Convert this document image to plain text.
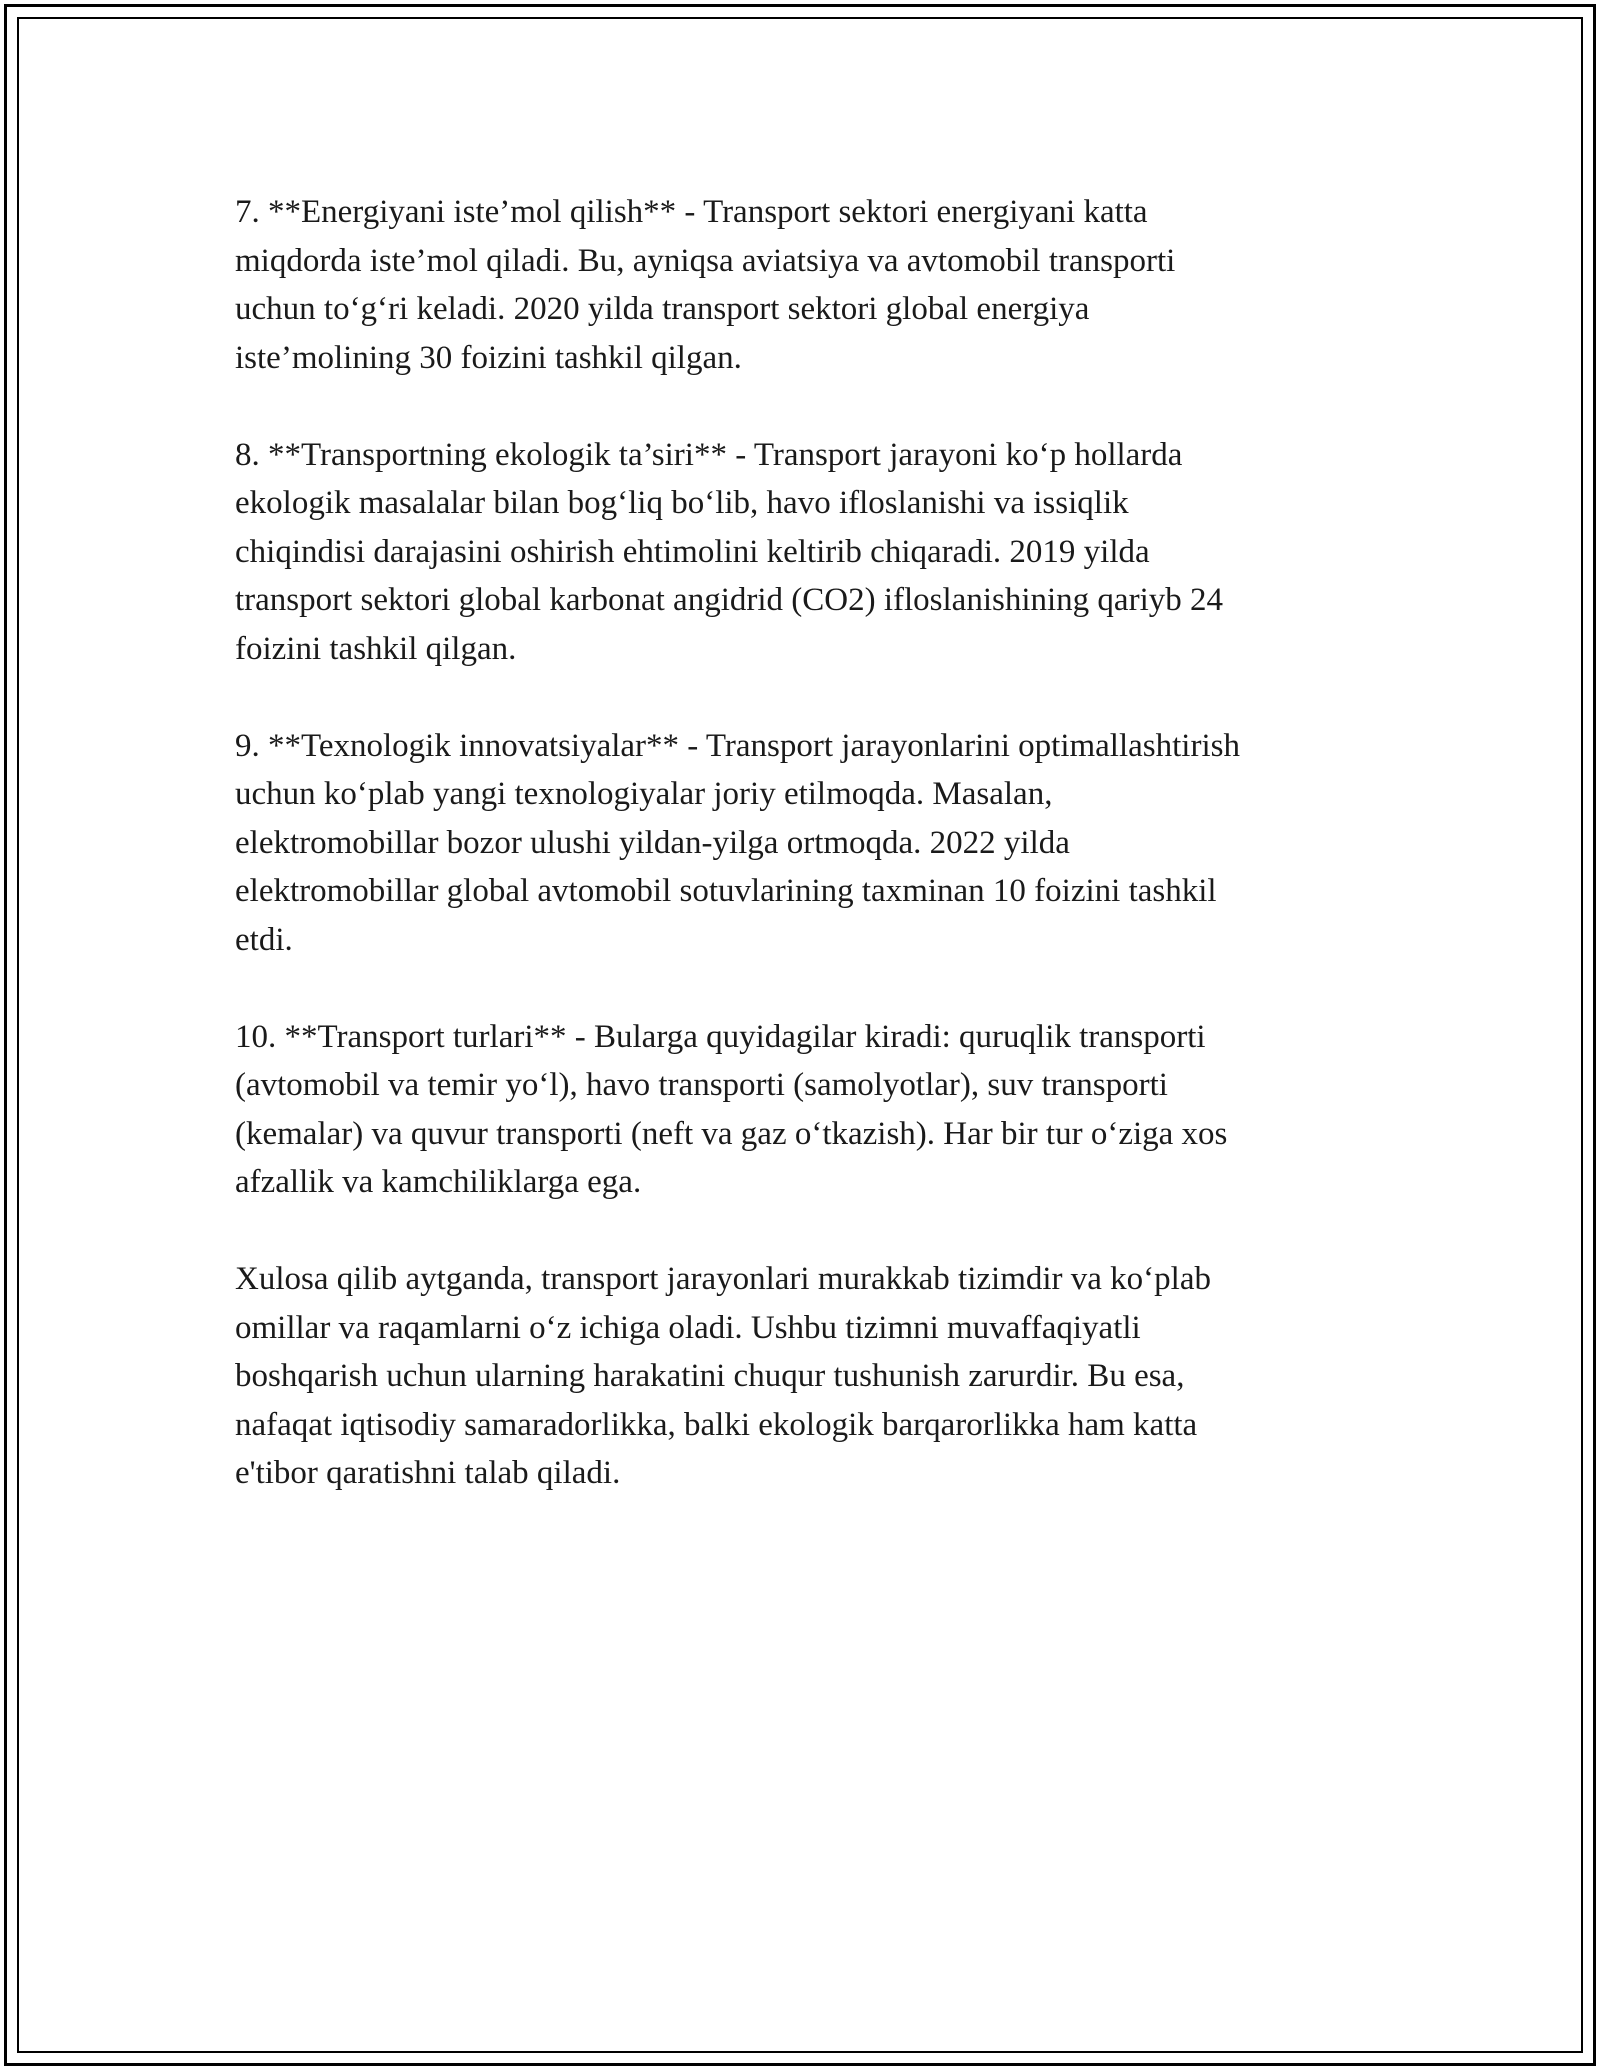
7. **Energiyani iste’mol qilish** - Transport sektori energiyani katta
miqdorda iste’mol qiladi. Bu, ayniqsa aviatsiya va avtomobil transporti
uchun to‘g‘ri keladi. 2020 yilda transport sektori global energiya
iste’molining 30 foizini tashkil qilgan.

8. **Transportning ekologik ta’siri** - Transport jarayoni ko‘p hollarda
ekologik masalalar bilan bog‘liq bo‘lib, havo ifloslanishi va issiqlik
chiqindisi darajasini oshirish ehtimolini keltirib chiqaradi. 2019 yilda
transport sektori global karbonat angidrid (CO2) ifloslanishining qariyb 24
foizini tashkil qilgan.

9. **Texnologik innovatsiyalar** - Transport jarayonlarini optimallashtirish
uchun ko‘plab yangi texnologiyalar joriy etilmoqda. Masalan,
elektromobillar bozor ulushi yildan-yilga ortmoqda. 2022 yilda
elektromobillar global avtomobil sotuvlarining taxminan 10 foizini tashkil
etdi.

10. **Transport turlari** - Bularga quyidagilar kiradi: quruqlik transporti
(avtomobil va temir yo‘l), havo transporti (samolyotlar), suv transporti
(kemalar) va quvur transporti (neft va gaz o‘tkazish). Har bir tur o‘ziga xos
afzallik va kamchiliklarga ega.

Xulosa qilib aytganda, transport jarayonlari murakkab tizimdir va ko‘plab
omillar va raqamlarni o‘z ichiga oladi. Ushbu tizimni muvaffaqiyatli
boshqarish uchun ularning harakatini chuqur tushunish zarurdir. Bu esa,
nafaqat iqtisodiy samaradorlikka, balki ekologik barqarorlikka ham katta
e'tibor qaratishni talab qiladi.
